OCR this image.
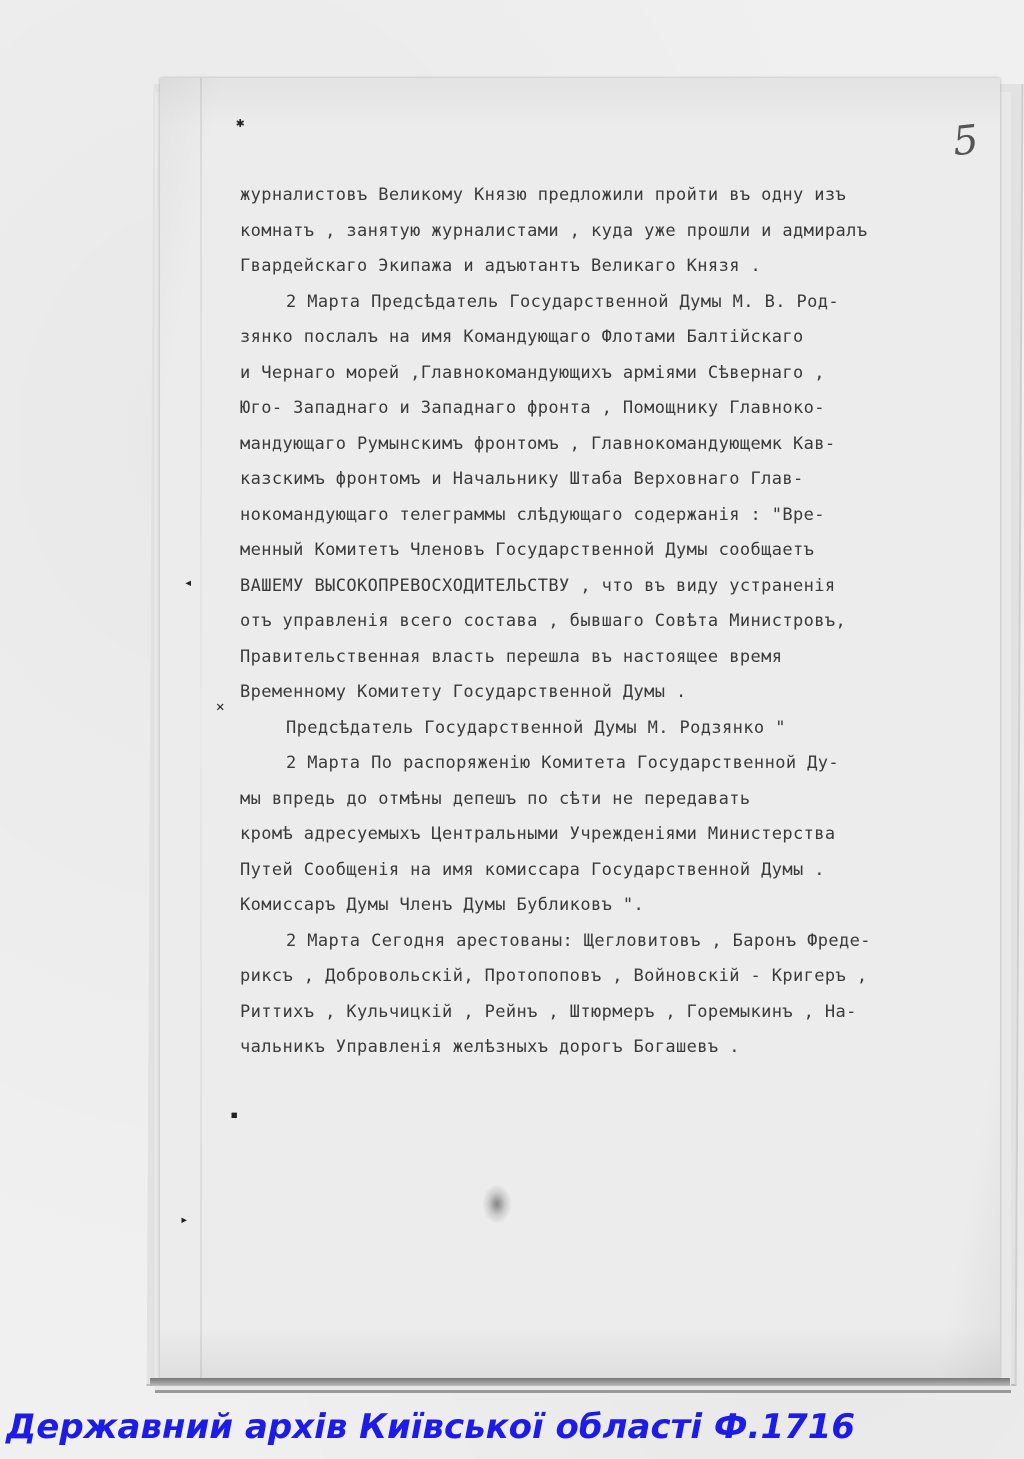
5
✱
◂
✕
▪
▸
журналистовъ Великому Князю предложили пройти въ одну изъ
комнатъ , занятую журналистами , куда уже прошли и адмиралъ
Гвардейскаго Экипажа и адъютантъ Великаго Князя .
2 Марта Предсѣдатель Государственной Думы М. В. Род-
зянко послалъ на имя Командующаго Флотами Балтiйскаго
и Чернаго морей ,Главнокомандующихъ армiями Сѣвернаго ,
Юго- Западнаго и Западнаго фронта , Помощнику Главноко-
мандующаго Румынскимъ фронтомъ , Главнокомандующемк Кав-
казскимъ фронтомъ и Начальнику Штаба Верховнаго Глав-
нокомандующаго телеграммы слѣдующаго содержанiя : "Вре-
менный Комитетъ Членовъ Государственной Думы сообщаетъ
ВАШЕМУ ВЫСОКОПРЕВОСХОДИТЕЛЬСТВУ , что въ виду устраненiя
отъ управленiя всего состава , бывшаго Совѣта Министровъ,
Правительственная власть перешла въ настоящее время
Временному Комитету Государственной Думы .
Предсѣдатель Государственной Думы М. Родзянко "
2 Марта По распоряженiю Комитета Государственной Ду-
мы впредь до отмѣны депешъ по сѣти не передавать
кромѣ адресуемыхъ Центральными Учрежденiями Министерства
Путей Сообщенiя на имя комиссара Государственной Думы .
Комиссаръ Думы Членъ Думы Бубликовъ ".
2 Марта Сегодня арестованы: Щегловитовъ , Баронъ Фреде-
риксъ , Добровольскiй, Протопоповъ , Войновскiй - Кригеръ ,
Риттихъ , Кульчицкiй , Рейнъ , Штюрмеръ , Горемыкинъ , На-
чальникъ Управленiя желѣзныхъ дорогъ Богашевъ .
Державний архів Київської області Ф.1716
